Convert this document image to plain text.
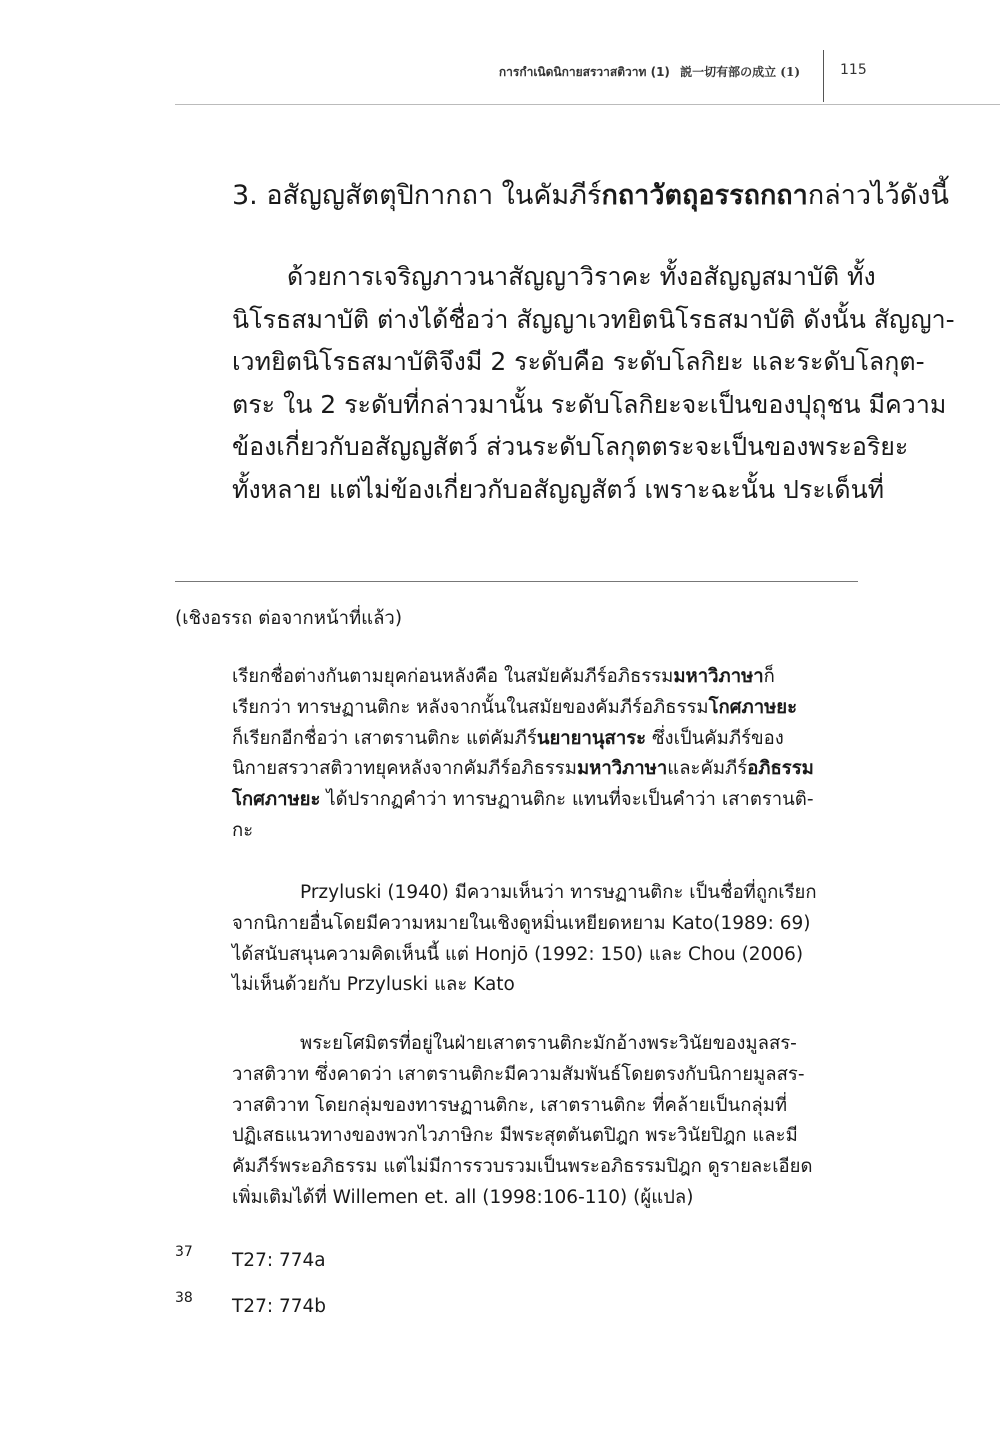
การกำเนิดนิกายสรวาสติวาท (1) 説一切有部の成立 (1)	115
3. อสัญญสัตตุปิกากถา ในคัมภีร์กถาวัตถุอรรถกถากล่าวไว้ดังนี้
ด้วยการเจริญภาวนาสัญญาวิราคะ ทั้งอสัญญสมาบัติ ทั้ง
นิโรธสมาบัติ ต่างได้ชื่อว่า สัญญาเวทยิตนิโรธสมาบัติ ดังนั้น สัญญา-
เวทยิตนิโรธสมาบัติจึงมี 2 ระดับคือ ระดับโลกิยะ และระดับโลกุต-
ตระ ใน 2 ระดับที่กล่าวมานั้น ระดับโลกิยะจะเป็นของปุถุชน มีความ
ข้องเกี่ยวกับอสัญญสัตว์ ส่วนระดับโลกุตตระจะเป็นของพระอริยะ
ทั้งหลาย แต่ไม่ข้องเกี่ยวกับอสัญญสัตว์ เพราะฉะนั้น ประเด็นที่
(เชิงอรรถ ต่อจากหน้าที่แล้ว)
เรียกชื่อต่างกันตามยุคก่อนหลังคือ ในสมัยคัมภีร์อภิธรรมมหาวิภาษาก็
เรียกว่า ทารษฏานติกะ หลังจากนั้นในสมัยของคัมภีร์อภิธรรมโกศภาษยะ
ก็เรียกอีกชื่อว่า เสาตรานติกะ แต่คัมภีร์นยายานุสาระ ซึ่งเป็นคัมภีร์ของ
นิกายสรวาสติวาทยุคหลังจากคัมภีร์อภิธรรมมหาวิภาษาและคัมภีร์อภิธรรม
โกศภาษยะ ได้ปรากฏคำว่า ทารษฏานติกะ แทนที่จะเป็นคำว่า เสาตรานติ-
กะ
Przyluski (1940) มีความเห็นว่า ทารษฏานติกะ เป็นชื่อที่ถูกเรียก
จากนิกายอื่นโดยมีความหมายในเชิงดูหมิ่นเหยียดหยาม Kato(1989: 69)
ได้สนับสนุนความคิดเห็นนี้ แต่ Honjō (1992: 150) และ Chou (2006)
ไม่เห็นด้วยกับ Przyluski และ Kato
พระยโศมิตรที่อยู่ในฝ่ายเสาตรานติกะมักอ้างพระวินัยของมูลสร-
วาสติวาท ซึ่งคาดว่า เสาตรานติกะมีความสัมพันธ์โดยตรงกับนิกายมูลสร-
วาสติวาท โดยกลุ่มของทารษฏานติกะ, เสาตรานติกะ ที่คล้ายเป็นกลุ่มที่
ปฏิเสธแนวทางของพวกไวภาษิกะ มีพระสุตตันตปิฎก พระวินัยปิฎก และมี
คัมภีร์พระอภิธรรม แต่ไม่มีการรวบรวมเป็นพระอภิธรรมปิฎก ดูรายละเอียด
เพิ่มเติมได้ที่ Willemen et. all (1998:106-110) (ผู้แปล)
37 T27: 774a
38 T27: 774b
